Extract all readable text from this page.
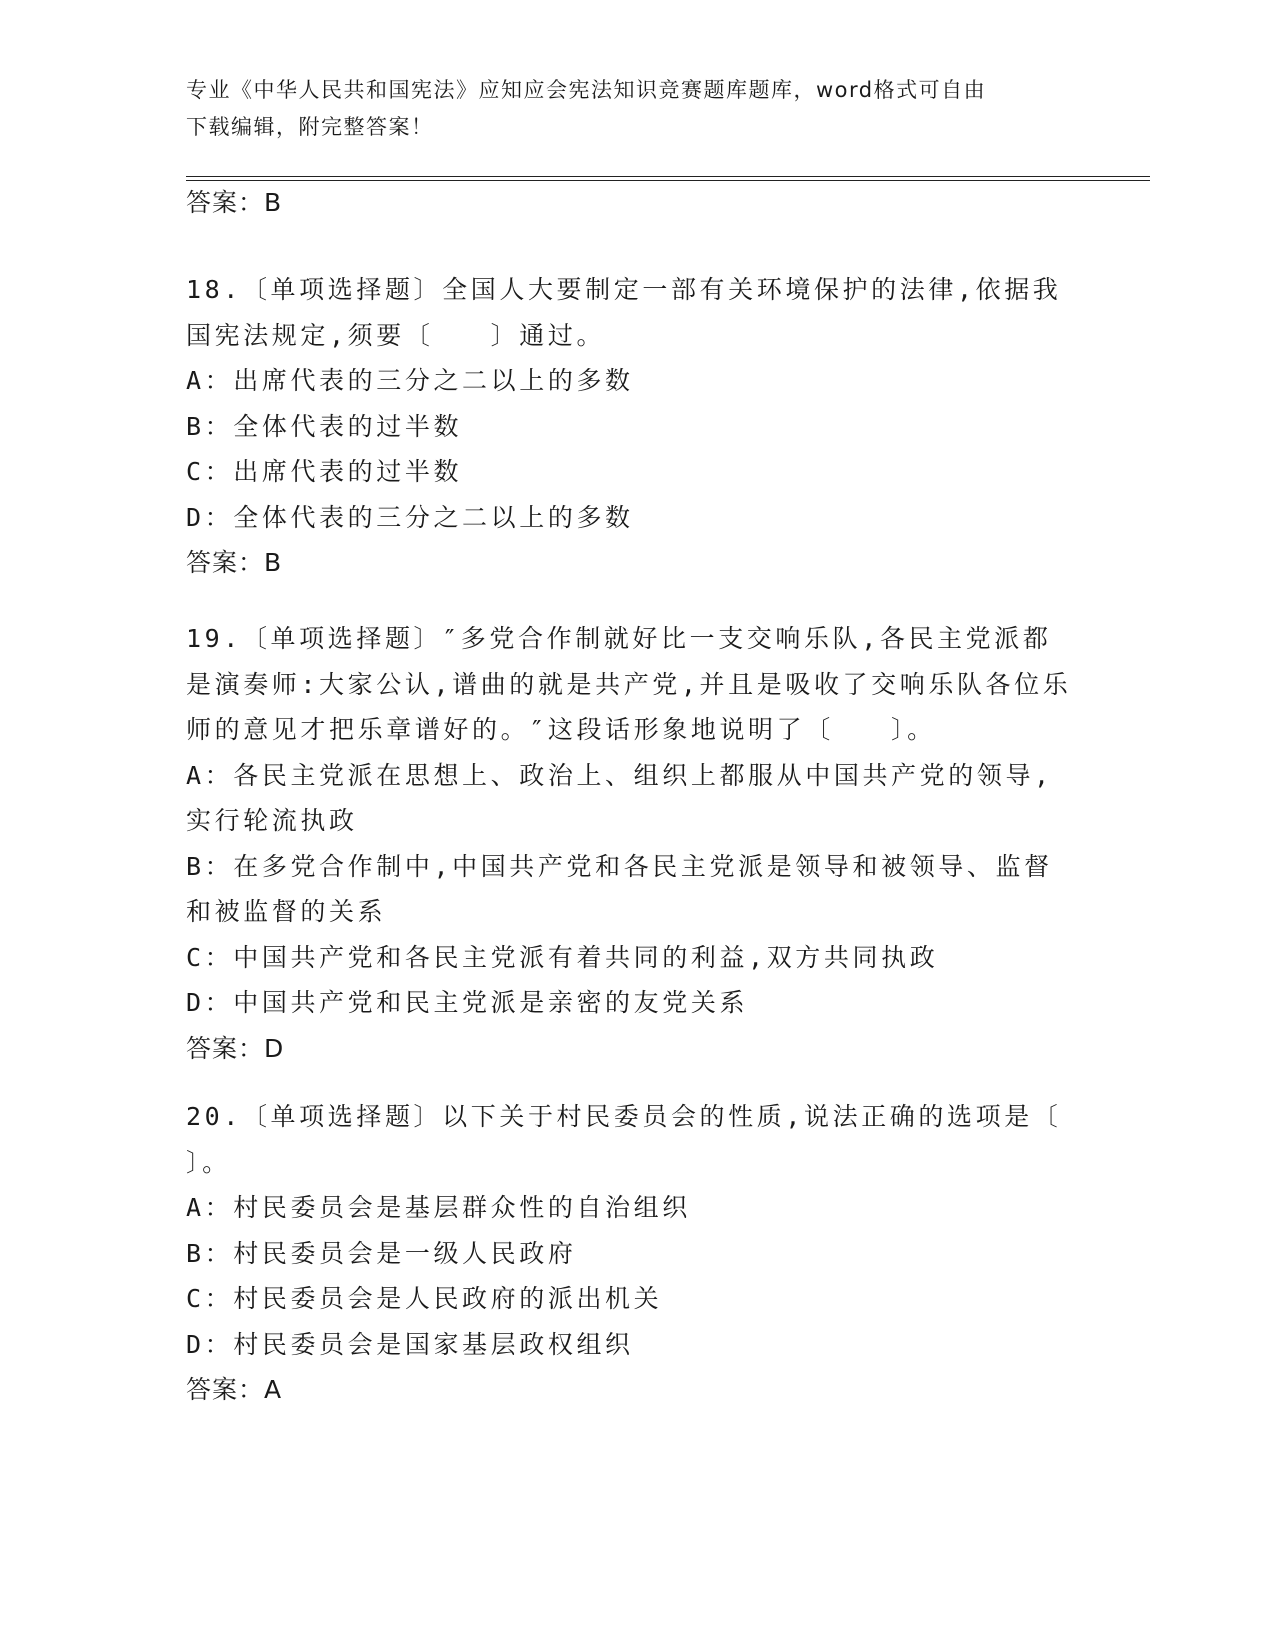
专业《中华人民共和国宪法》应知应会宪法知识竞赛题库题库，word格式可自由
下载编辑，附完整答案！
答案：B
18.〔单项选择题〕全国人大要制定一部有关环境保护的法律,依据我
国宪法规定,须要〔　　〕通过。
A：出席代表的三分之二以上的多数
B：全体代表的过半数
C：出席代表的过半数
D：全体代表的三分之二以上的多数
答案：B
19.〔单项选择题〕″多党合作制就好比一支交响乐队,各民主党派都
是演奏师:大家公认,谱曲的就是共产党,并且是吸收了交响乐队各位乐
师的意见才把乐章谱好的。″这段话形象地说明了〔　　〕。
A：各民主党派在思想上、政治上、组织上都服从中国共产党的领导,
实行轮流执政
B：在多党合作制中,中国共产党和各民主党派是领导和被领导、监督
和被监督的关系
C：中国共产党和各民主党派有着共同的利益,双方共同执政
D：中国共产党和民主党派是亲密的友党关系
答案：D
20.〔单项选择题〕以下关于村民委员会的性质,说法正确的选项是〔
〕。
A：村民委员会是基层群众性的自治组织
B：村民委员会是一级人民政府
C：村民委员会是人民政府的派出机关
D：村民委员会是国家基层政权组织
答案：A
